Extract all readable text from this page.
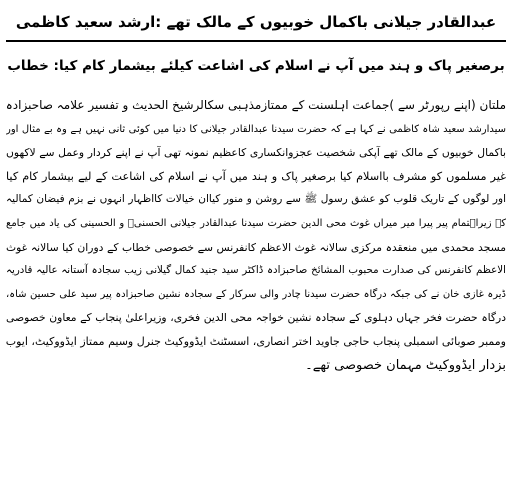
عبدالقادر جیلانی باکمال خوبیوں کے مالک تھے :ارشد سعید کاظمی
برصغیر پاک و ہند میں آپ نے اسلام کی اشاعت کیلئے بیشمار کام کیا: خطاب
ملتان (اپنے رپورٹر سے )جماعت اہلسنت کے ممتازمذہبی سکالرشیخ الحدیث و تفسیر علامہ صاحبزادہ
سیدارشد سعید شاہ کاظمی نے کہا ہے کہ حضرت سیدنا عبدالقادر جیلانی کا دنیا میں کوئی ثانی نہیں ہے وہ بے مثال اور
باکمال خوبیوں کے مالک تھے آپکی شخصیت عجزوانکساری کاعظیم نمونہ تھی آپ نے اپنے کردار وعمل سے لاکھوں
غیر مسلموں کو مشرف بااسلام کیا برصغیر پاک و ہند میں آپ نے اسلام کی اشاعت کے لیے بیشمار کام کیا
اور لوگوں کے تاریک قلوب کو عشق رسول ﷺ سے روشن و منور کیاان خیالات کااظہار انہوں نے بزم فیضان کمالیہ
کے زیراہتمام پیر پیرا میر میراں غوث محی الدین حضرت سیدنا عبدالقادر جیلانی الحسنیؒ و الحسینی کی یاد میں جامع
مسجد محمدی میں منعقدہ مرکزی سالانہ غوث الاعظم کانفرنس سے خصوصی خطاب کے دوران کیا سالانہ غوث
الاعظم کانفرنس کی صدارت محبوب المشائخ صاحبزادہ ڈاکٹر سید جنید کمال گیلانی زیب سجادہ آستانہ عالیہ قادریہ
ڈیرہ غازی خان نے کی جبکہ درگاہ حضرت سیدنا چادر والی سرکار کے سجادہ نشین صاحبزادہ پیر سید علی حسین شاہ،
درگاہ حضرت فخر جہاں دہلوی کے سجادہ نشین خواجہ محی الدین فخری، وزیراعلیٰ پنجاب کے معاون خصوصی
وممبر صوبائی اسمبلی پنجاب حاجی جاوید اختر انصاری، اسسٹنٹ ایڈووکیٹ جنرل وسیم ممتاز ایڈووکیٹ، ایوب
بزدار ایڈووکیٹ مہمان خصوصی تھے۔
